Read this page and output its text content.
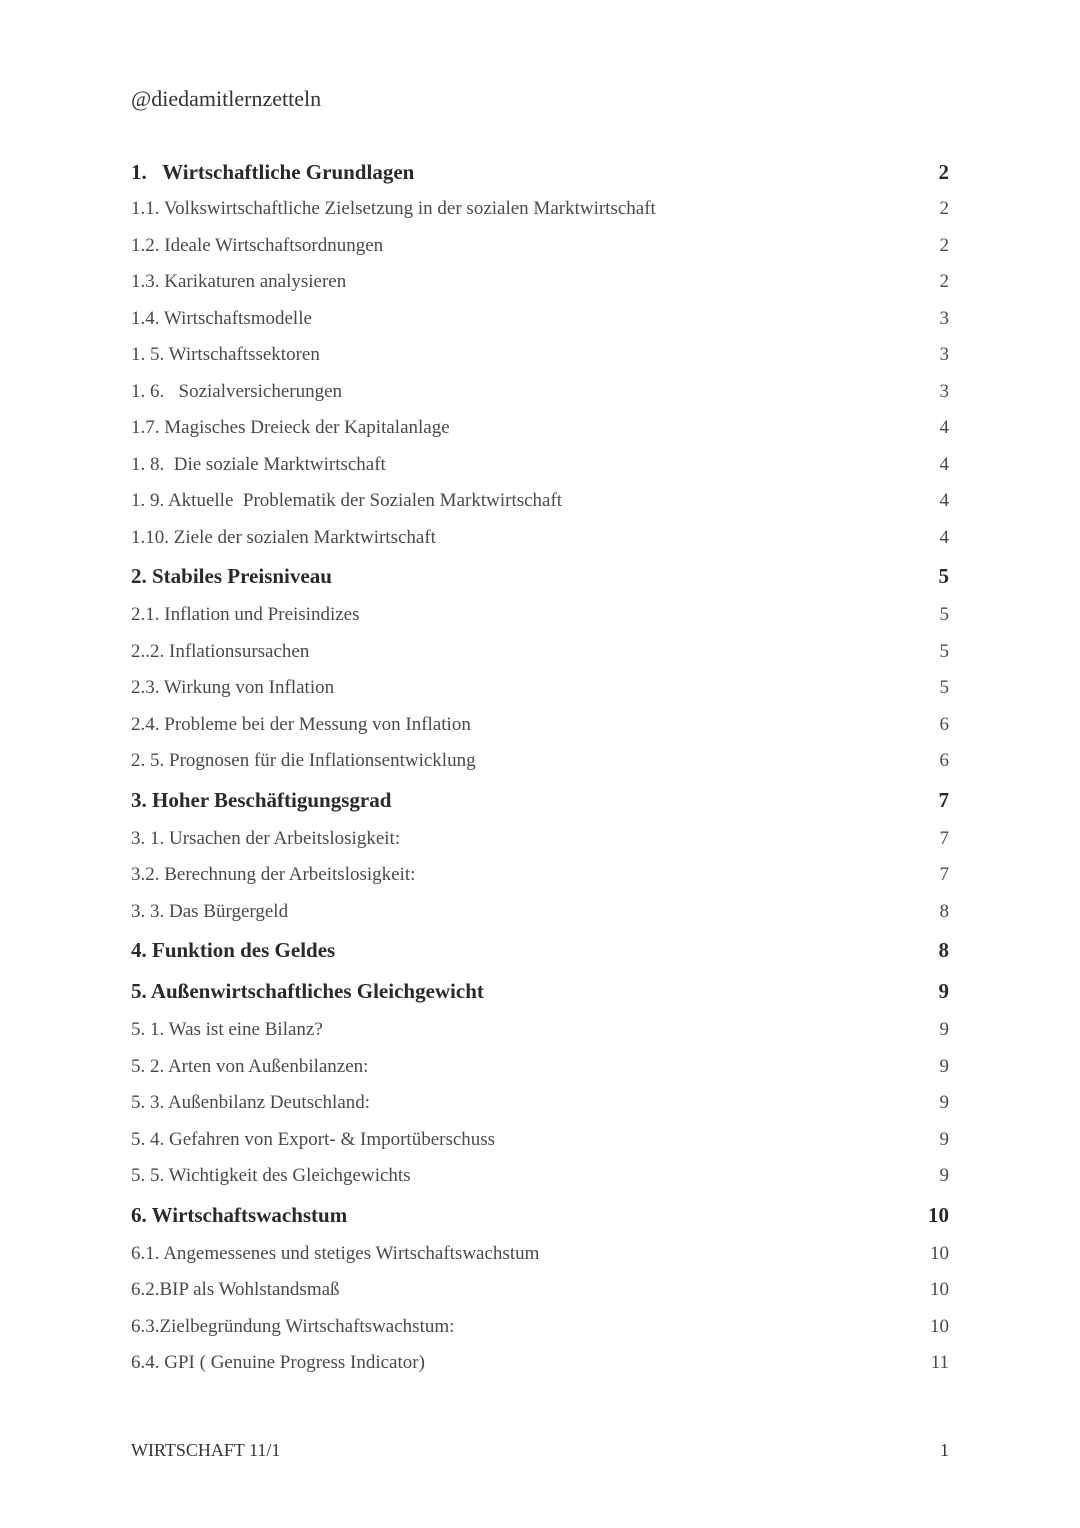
@diedamitlernzetteln
1.   Wirtschaftliche Grundlagen	2
1.1. Volkswirtschaftliche Zielsetzung in der sozialen Marktwirtschaft	2
1.2. Ideale Wirtschaftsordnungen	2
1.3. Karikaturen analysieren	2
1.4. Wirtschaftsmodelle	3
1. 5. Wirtschaftssektoren	3
1. 6.   Sozialversicherungen	3
1.7. Magisches Dreieck der Kapitalanlage	4
1. 8.  Die soziale Marktwirtschaft	4
1. 9. Aktuelle  Problematik der Sozialen Marktwirtschaft	4
1.10. Ziele der sozialen Marktwirtschaft	4
2. Stabiles Preisniveau	5
2.1. Inflation und Preisindizes	5
2..2. Inflationsursachen	5
2.3. Wirkung von Inflation	5
2.4. Probleme bei der Messung von Inflation	6
2. 5. Prognosen für die Inflationsentwicklung	6
3. Hoher Beschäftigungsgrad	7
3. 1. Ursachen der Arbeitslosigkeit:	7
3.2. Berechnung der Arbeitslosigkeit:	7
3. 3. Das Bürgergeld	8
4. Funktion des Geldes	8
5. Außenwirtschaftliches Gleichgewicht	9
5. 1. Was ist eine Bilanz?	9
5. 2. Arten von Außenbilanzen:	9
5. 3. Außenbilanz Deutschland:	9
5. 4. Gefahren von Export- & Importüberschuss	9
5. 5. Wichtigkeit des Gleichgewichts	9
6. Wirtschaftswachstum	10
6.1. Angemessenes und stetiges Wirtschaftswachstum	10
6.2.BIP als Wohlstandsmaß	10
6.3.Zielbegründung Wirtschaftswachstum:	10
6.4. GPI ( Genuine Progress Indicator)	11
WIRTSCHAFT 11/1	1
